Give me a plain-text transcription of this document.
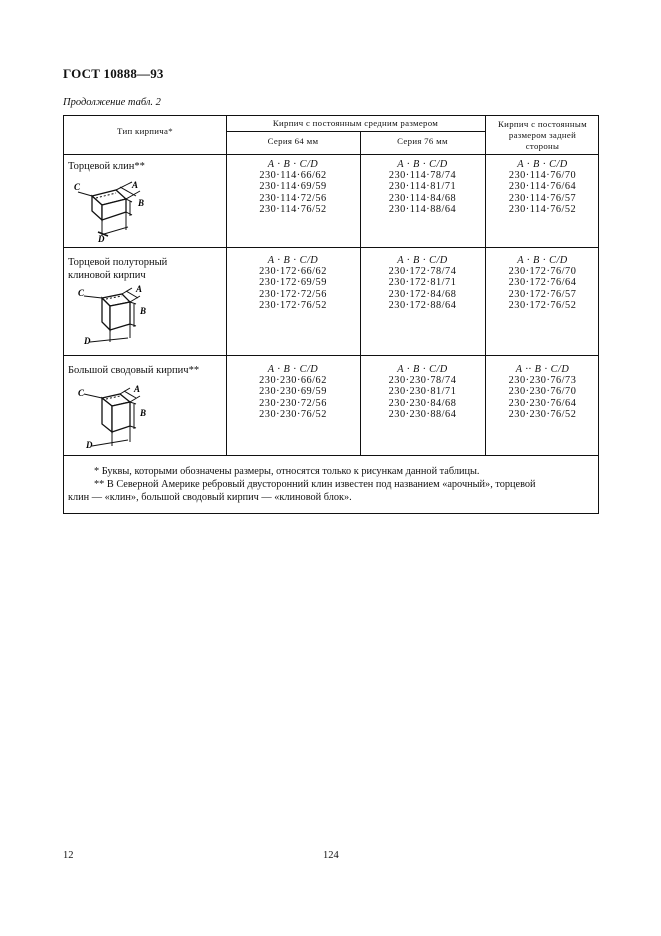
ГОСТ 10888—93
Продолжение табл. 2
Тип кирпича*
Кирпич с постоянным средним размером
Серия 64 мм	Серия 76 мм
Кирпич с постоянным
размером задней
стороны
Торцевой клин**
A
B
C
D
A · B · C/D
230·114·66/62
230·114·69/59
230·114·72/56
230·114·76/52
A · B · C/D
230·114·78/74
230·114·81/71
230·114·84/68
230·114·88/64
A · B · C/D
230·114·76/70
230·114·76/64
230·114·76/57
230·114·76/52
Торцевой полуторный
клиновой кирпич
A
B
C
D
A · B · C/D
230·172·66/62
230·172·69/59
230·172·72/56
230·172·76/52
A · B · C/D
230·172·78/74
230·172·81/71
230·172·84/68
230·172·88/64
A · B · C/D
230·172·76/70
230·172·76/64
230·172·76/57
230·172·76/52
Большой сводовый кирпич**
A
B
C
D
A · B · C/D
230·230·66/62
230·230·69/59
230·230·72/56
230·230·76/52
A · B · C/D
230·230·78/74
230·230·81/71
230·230·84/68
230·230·88/64
A ·· B · C/D
230·230·76/73
230·230·76/70
230·230·76/64
230·230·76/52
* Буквы, которыми обозначены размеры, относятся только к рисункам данной таблицы.
** В Северной Америке ребровый двусторонний клин известен под названием «арочный», торцевой
клин — «клин», большой сводовый кирпич — «клиновой блок».
12	124
